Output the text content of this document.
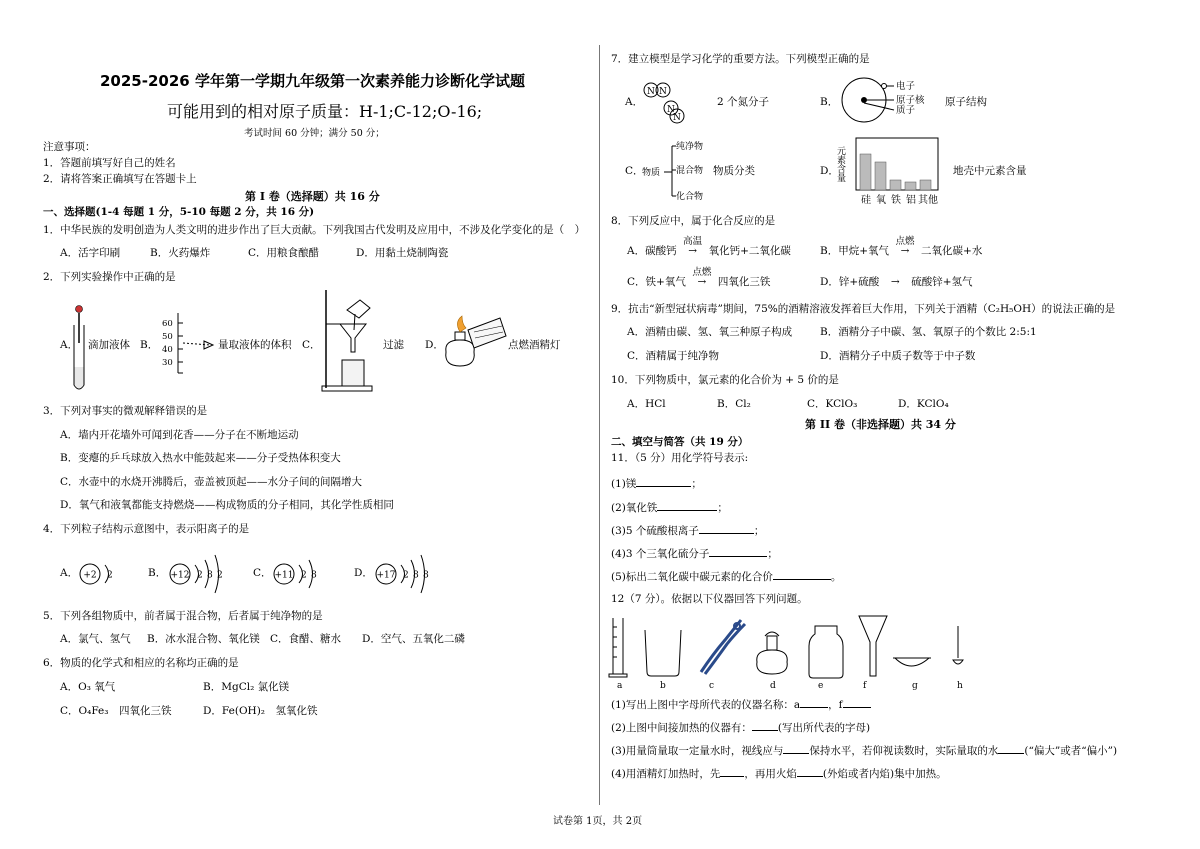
2025-2026 学年第一学期九年级第一次素养能力诊断化学试题
可能用到的相对原子质量：H-1;C-12;O-16;
考试时间 60 分钟；满分 50 分；
注意事项：
1．答题前填写好自己的姓名
2．请将答案正确填写在答题卡上
第 I 卷（选择题）共 16 分
一、选择题(1-4 每题 1 分，5-10 每题 2 分，共 16 分)
1．中华民族的发明创造为人类文明的进步作出了巨大贡献。下列我国古代发明及应用中，不涉及化学变化的是（　）
A．活字印刷	B．火药爆炸	C．用粮食酿醋	D．用黏土烧制陶瓷
2．下列实验操作中正确的是
A． 滴加液体 B．	量取液体的体积 C．	过滤 D．	点燃酒精灯
60
50
40
30
3．下列对事实的微观解释错误的是
A．墙内开花墙外可闻到花香——分子在不断地运动
B．变瘪的乒乓球放入热水中能鼓起来——分子受热体积变大
C．水壶中的水烧开沸腾后，壶盖被顶起——水分子间的间隔增大
D．氧气和液氧都能支持燃烧——构成物质的分子相同，其化学性质相同
4．下列粒子结构示意图中，表示阳离子的是
A．	B．	C．	D．
+2 2	+12 2 8 2	+11 2 8	+17 2 8 8
5．下列各组物质中，前者属于混合物，后者属于纯净物的是
A．氯气、氢气 B．冰水混合物、氧化镁 C．食醋、糖水 D．空气、五氧化二磷
6．物质的化学式和相应的名称均正确的是
A．O₃ 氧气	B．MgCl₂ 氯化镁
C．O₄Fe₃　四氧化三铁	D．Fe(OH)₂　氢氧化铁
7．建立模型是学习化学的重要方法。下列模型正确的是
A．	2 个氮分子	B．	原子结构
N N
N
N
电子
原子核
质子
C．	物质分类
物质
纯净物
混合物
化合物
D．	地壳中元素含量
元素含量
硅 氧 铁 铝 其他
8．下列反应中，属于化合反应的是
A．碳酸钙
高温
→ 氧化钙+二氧化碳	B．甲烷+氧气
点燃
→ 二氧化碳+水
C．铁+氧气
点燃
→ 四氧化三铁	D．锌+硫酸 → 硫酸锌+氢气
9．抗击“新型冠状病毒”期间，75%的酒精溶液发挥着巨大作用，下列关于酒精（C₂H₅OH）的说法正确的是
A．酒精由碳、氢、氧三种原子构成	B．酒精分子中碳、氢、氧原子的个数比 2:5:1
C．酒精属于纯净物	D．酒精分子中质子数等于中子数
10．下列物质中，氯元素的化合价为 + 5 价的是
A．HCl	B．Cl₂	C．KClO₃	D．KClO₄
第 II 卷（非选择题）共 34 分
二、填空与简答（共 19 分）
11．（5 分）用化学符号表示:
(1)镁	；
(2)氧化铁	；
(3)5 个硫酸根离子	；
(4)3 个三氧化硫分子	；
(5)标出二氧化碳中碳元素的化合价	。
12（7 分）。依据以下仪器回答下列问题。
a	b	c	d	e	f	g	h
(1)写出上图中字母所代表的仪器名称：a	，f
(2)上图中间接加热的仪器有： (写出所代表的字母)
(3)用量筒量取一定量水时，视线应与 保持水平，若仰视读数时，实际量取的水 (“偏大”或者“偏小”)
(4)用酒精灯加热时，先 ，再用火焰 (外焰或者内焰)集中加热。
试卷第 1页，共 2页
